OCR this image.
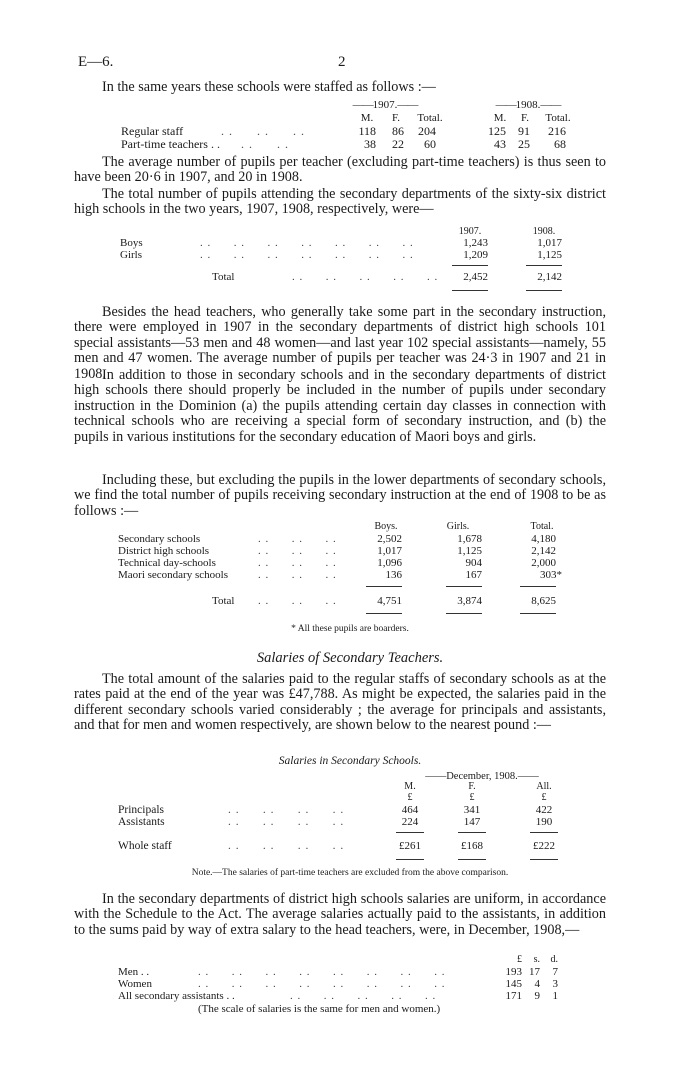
E—6.	2

In the same years these schools were staffed as follows :—

——1907.——	——1908.——
M.	F.	Total.	M.	F.	Total.
Regular staff	. .      . .      . .	118	86	204	125	91	216
Part-time teachers . . . .      . .	38	22	60	43	25	68

The average number of pupils per teacher (excluding part-time teachers) is thus seen to have been 20·6 in 1907, and 20 in 1908.

The total number of pupils attending the secondary departments of the sixty-six district high schools in the two years, 1907, 1908, respectively, were—

1907.	1908.
Boys	. .      . .      . .      . .      . .      . .      . .	1,243	1,017
Girls	. .      . .      . .      . .      . .      . .      . .	1,209	1,125
Total	. .      . .      . .      . .      . .	2,452	2,142

Besides the head teachers, who generally take some part in the secondary instruction, there were employed in 1907 in the secondary departments of district high schools 101 special assistants—53 men and 48 women—and last year 102 special assistants—namely, 55 men and 47 women. The average number of pupils per teacher was 24·3 in 1907 and 21 in 1908.

In addition to those in secondary schools and in the secondary departments of district high schools there should properly be included in the number of pupils under secondary instruction in the Dominion (a) the pupils attending certain day classes in connection with technical schools who are receiving a special form of secondary instruction, and (b) the pupils in various institutions for the secondary education of Maori boys and girls.

Including these, but excluding the pupils in the lower departments of secondary schools, we find the total number of pupils receiving secondary instruction at the end of 1908 to be as follows :—

Boys.	Girls.	Total.
Secondary schools	. .      . .      . .	2,502	1,678	4,180
District high schools	. .      . .      . .	1,017	1,125	2,142
Technical day-schools	. .      . .      . .	1,096	904	2,000
Maori secondary schools	. .      . .      . .	136	167	303*
Total . .      . .      . .	4,751	3,874	8,625
* All these pupils are boarders.
Salaries of Secondary Teachers.

The total amount of the salaries paid to the regular staffs of secondary schools as at the rates paid at the end of the year was £47,788. As might be expected, the salaries paid in the different secondary schools varied considerably ; the average for principals and assistants, and that for men and women respectively, are shown below to the nearest pound :—

Salaries in Secondary Schools.
——December, 1908.——
M.	F.	All.
£	£	£
Principals	. .      . .      . .      . .	464	341	422
Assistants	. .      . .      . .      . .	224	147	190
Whole staff	. .      . .      . .      . .	£261	£168	£222
Note.—The salaries of part-time teachers are excluded from the above comparison.

In the secondary departments of district high schools salaries are uniform, in accordance with the Schedule to the Act. The average salaries actually paid to the assistants, in addition to the sums paid by way of extra salary to the head teachers, were, in December, 1908,—

£	s.	d.
Men . .	. .      . .      . .      . .      . .      . .      . .      . .	193 17	7
Women	. .      . .      . .      . .      . .      . .      . .      . .	145	4	3
All secondary assistants . .	. .      . .      . .      . .      . .	171	9	1
(The scale of salaries is the same for men and women.)
